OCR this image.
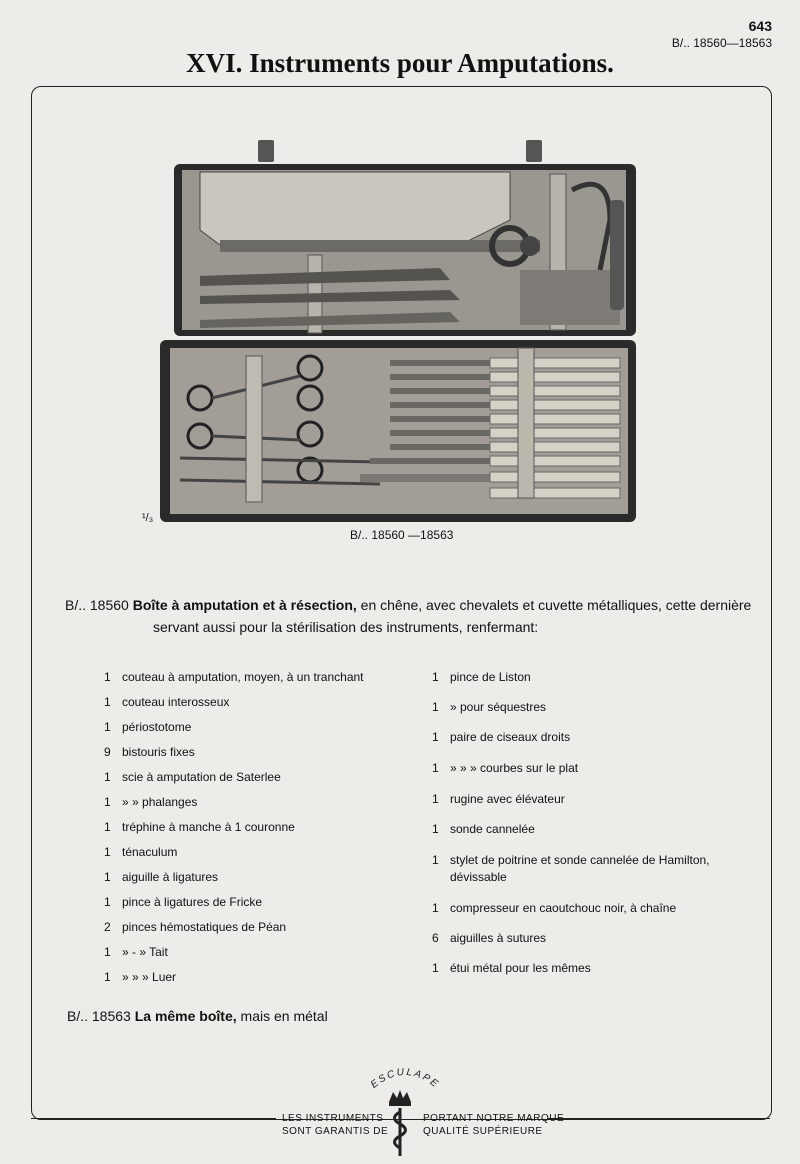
643
B/.. 18560—18563
XVI. Instruments pour Amputations.
¹/₃
B/.. 18560 —18563
B/.. 18560 Boîte à amputation et à résection, en chêne, avec chevalets et cuvette métalliques, cette dernière
servant aussi pour la stérilisation des instruments, renfermant:
1 couteau à amputation, moyen, à un tranchant
1 couteau interosseux
1 périostotome
9 bistouris fixes
1 scie à amputation de Saterlee
1 » » phalanges
1 tréphine à manche à 1 couronne
1 ténaculum
1 aiguille à ligatures
1 pince à ligatures de Fricke
2 pinces hémostatiques de Péan
1 » - » Tait
1 » » » Luer
1 pince de Liston
1 » pour séquestres
1 paire de ciseaux droits
1 » » » courbes sur le plat
1 rugine avec élévateur
1 sonde cannelée
1 stylet de poitrine et sonde cannelée de Hamilton,
dévissable
1 compresseur en caoutchouc noir, à chaîne
6 aiguilles à sutures
1 étui métal pour les mêmes
B/.. 18563 La même boîte, mais en métal
LES INSTRUMENTS
SONT GARANTIS DE
PORTANT NOTRE MARQUE
QUALITÉ SUPÉRIEURE
ESCULAPE
